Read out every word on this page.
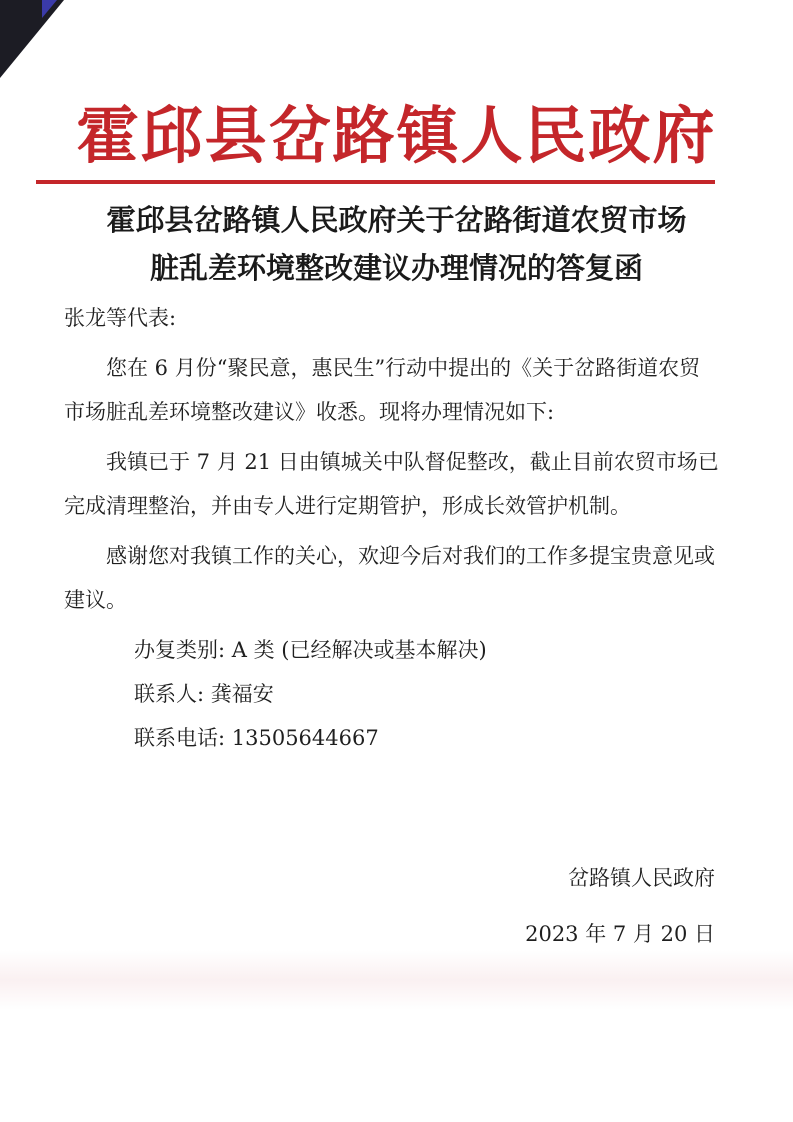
霍邱县岔路镇人民政府
霍邱县岔路镇人民政府关于岔路街道农贸市场
脏乱差环境整改建议办理情况的答复函

张龙等代表:

您在 6 月份“聚民意，惠民生”行动中提出的《关于岔路街道农贸市场脏乱差环境整改建议》收悉。现将办理情况如下:

我镇已于 7 月 21 日由镇城关中队督促整改，截止目前农贸市场已完成清理整治，并由专人进行定期管护，形成长效管护机制。

感谢您对我镇工作的关心，欢迎今后对我们的工作多提宝贵意见或建议。

办复类别: A 类 (已经解决或基本解决)

联系人: 龚福安

联系电话: 13505644667

岔路镇人民政府
2023 年 7 月 20 日
